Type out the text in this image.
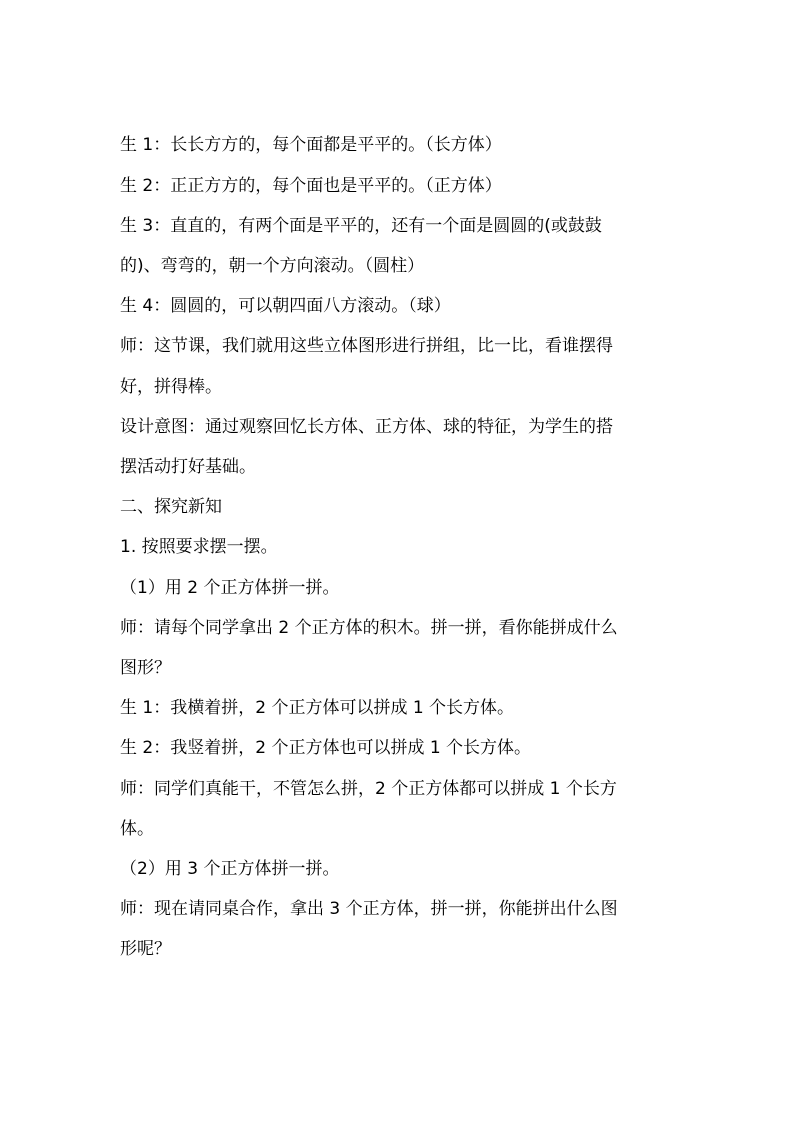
生 1：长长方方的，每个面都是平平的。（长方体）

生 2：正正方方的，每个面也是平平的。（正方体）

生 3：直直的，有两个面是平平的，还有一个面是圆圆的(或鼓鼓

的)、弯弯的，朝一个方向滚动。（圆柱）

生 4：圆圆的，可以朝四面八方滚动。（球）

师：这节课，我们就用这些立体图形进行拼组，比一比，看谁摆得

好，拼得棒。

设计意图：通过观察回忆长方体、正方体、球的特征，为学生的搭

摆活动打好基础。

二、探究新知

1. 按照要求摆一摆。

（1）用 2 个正方体拼一拼。

师：请每个同学拿出 2 个正方体的积木。拼一拼，看你能拼成什么

图形？

生 1：我横着拼，2 个正方体可以拼成 1 个长方体。

生 2：我竖着拼，2 个正方体也可以拼成 1 个长方体。

师：同学们真能干，不管怎么拼，2 个正方体都可以拼成 1 个长方

体。

（2）用 3 个正方体拼一拼。

师：现在请同桌合作，拿出 3 个正方体，拼一拼，你能拼出什么图

形呢？
